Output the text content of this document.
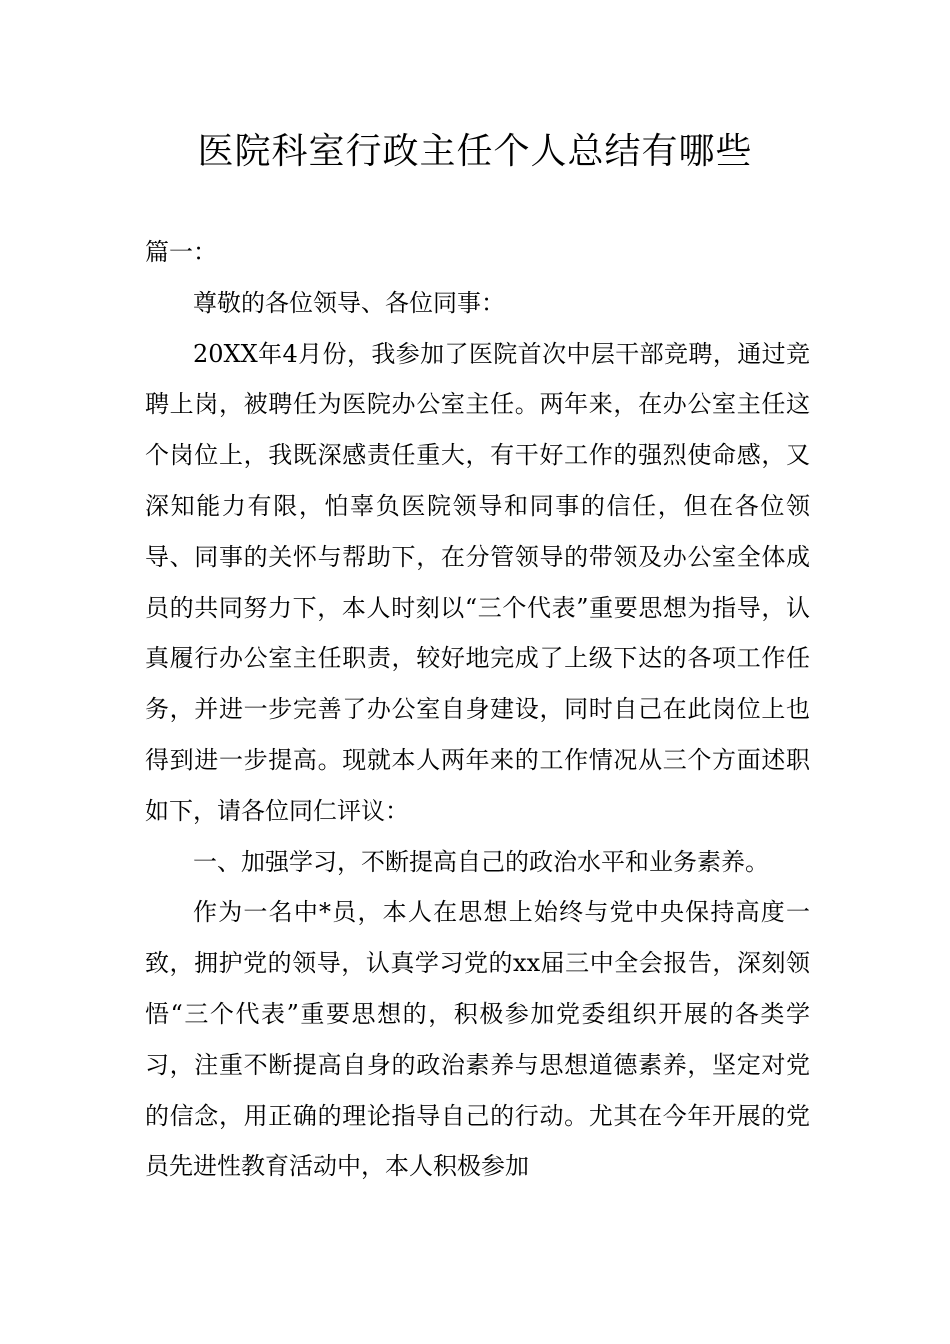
医院科室行政主任个人总结有哪些

篇一：

尊敬的各位领导、各位同事：

20XX年4月份，我参加了医院首次中层干部竞聘，通过竞聘上岗，被聘任为医院办公室主任。两年来，在办公室主任这个岗位上，我既深感责任重大，有干好工作的强烈使命感，又深知能力有限，怕辜负医院领导和同事的信任，但在各位领导、同事的关怀与帮助下，在分管领导的带领及办公室全体成员的共同努力下，本人时刻以“三个代表”重要思想为指导，认真履行办公室主任职责，较好地完成了上级下达的各项工作任务，并进一步完善了办公室自身建设，同时自己在此岗位上也得到进一步提高。现就本人两年来的工作情况从三个方面述职如下，请各位同仁评议：

一、加强学习，不断提高自己的政治水平和业务素养。

作为一名中*员，本人在思想上始终与党中央保持高度一致，拥护党的领导，认真学习党的xx届三中全会报告，深刻领悟“三个代表”重要思想的，积极参加党委组织开展的各类学习，注重不断提高自身的政治素养与思想道德素养，坚定对党的信念，用正确的理论指导自己的行动。尤其在今年开展的党员先进性教育活动中，本人积极参加
